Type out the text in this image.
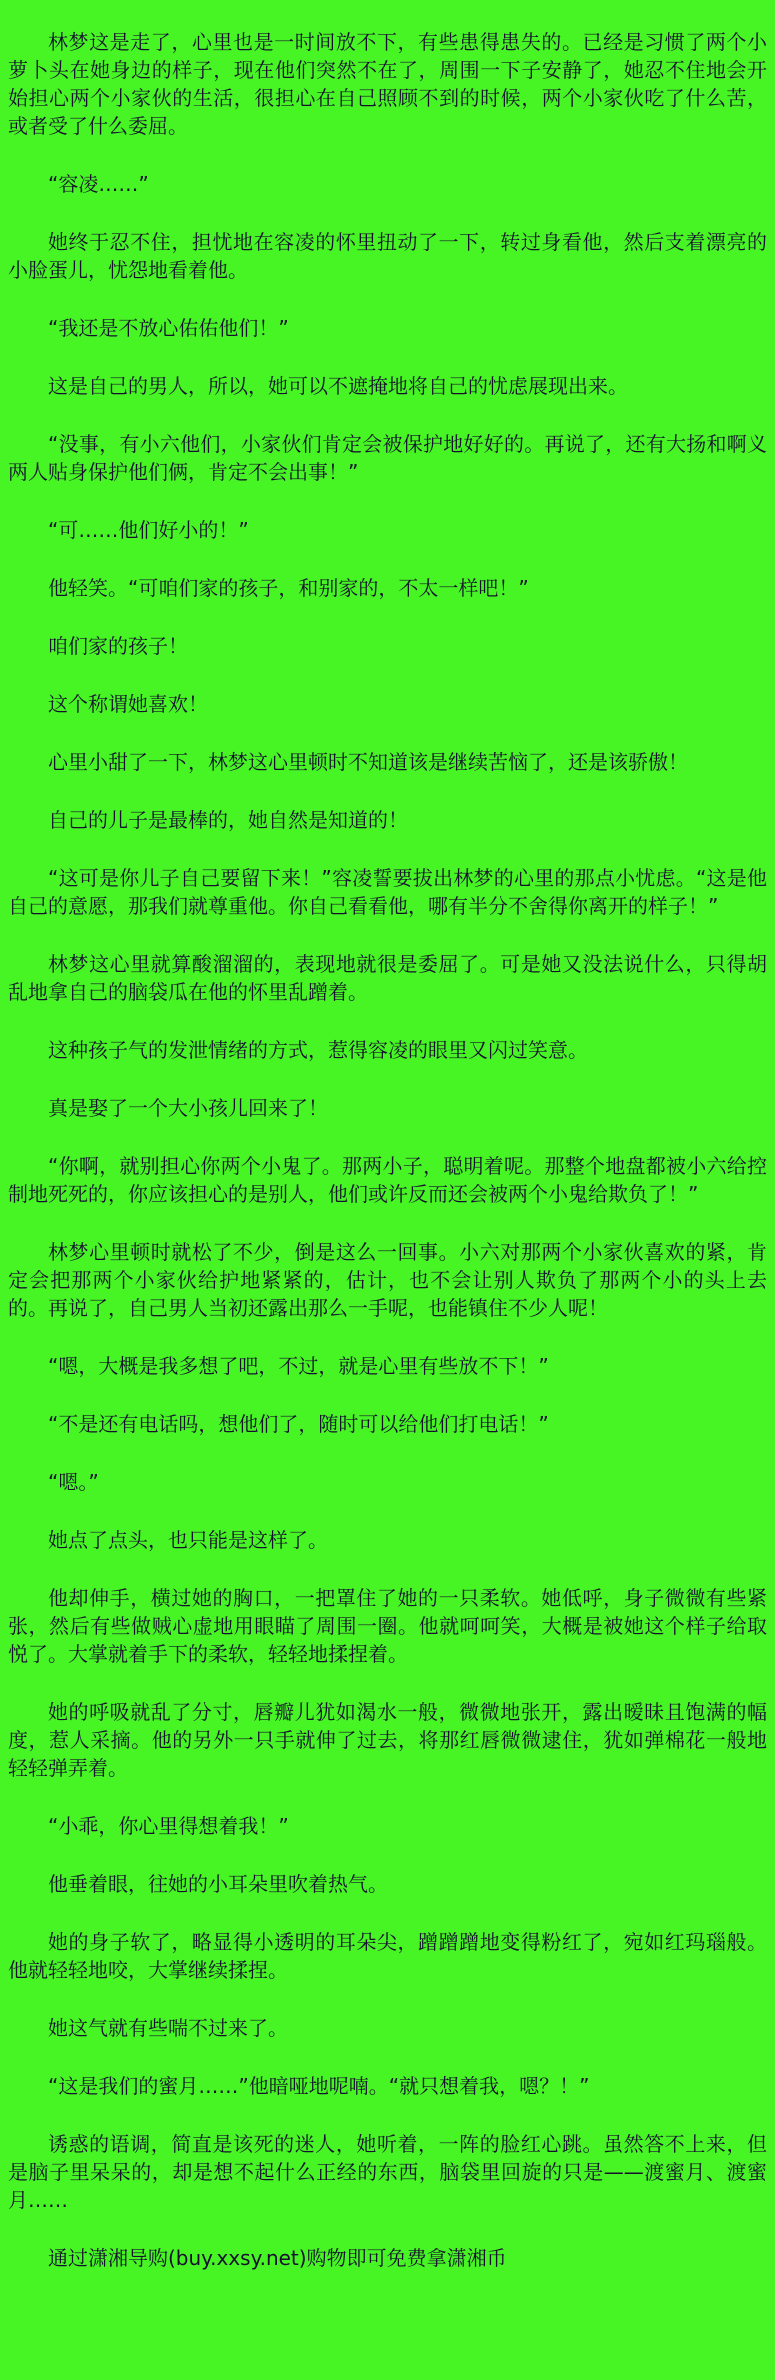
林梦这是走了，心里也是一时间放不下，有些患得患失的。已经是习惯了两个小萝卜头在她身边的样子，现在他们突然不在了，周围一下子安静了，她忍不住地会开始担心两个小家伙的生活，很担心在自己照顾不到的时候，两个小家伙吃了什么苦，或者受了什么委屈。

“容凌……”

她终于忍不住，担忧地在容凌的怀里扭动了一下，转过身看他，然后支着漂亮的小脸蛋儿，忧怨地看着他。

“我还是不放心佑佑他们！”

这是自己的男人，所以，她可以不遮掩地将自己的忧虑展现出来。

“没事，有小六他们，小家伙们肯定会被保护地好好的。再说了，还有大扬和啊义两人贴身保护他们俩，肯定不会出事！”

“可……他们好小的！”

他轻笑。“可咱们家的孩子，和别家的，不太一样吧！”

咱们家的孩子！

这个称谓她喜欢！

心里小甜了一下，林梦这心里顿时不知道该是继续苦恼了，还是该骄傲！

自己的儿子是最棒的，她自然是知道的！

“这可是你儿子自己要留下来！”容凌誓要拔出林梦的心里的那点小忧虑。“这是他自己的意愿，那我们就尊重他。你自己看看他，哪有半分不舍得你离开的样子！”

林梦这心里就算酸溜溜的，表现地就很是委屈了。可是她又没法说什么，只得胡乱地拿自己的脑袋瓜在他的怀里乱蹭着。

这种孩子气的发泄情绪的方式，惹得容凌的眼里又闪过笑意。

真是娶了一个大小孩儿回来了！

“你啊，就别担心你两个小鬼了。那两小子，聪明着呢。那整个地盘都被小六给控制地死死的，你应该担心的是别人，他们或许反而还会被两个小鬼给欺负了！”

林梦心里顿时就松了不少，倒是这么一回事。小六对那两个小家伙喜欢的紧，肯定会把那两个小家伙给护地紧紧的，估计，也不会让别人欺负了那两个小的头上去的。再说了，自己男人当初还露出那么一手呢，也能镇住不少人呢！

“嗯，大概是我多想了吧，不过，就是心里有些放不下！”

“不是还有电话吗，想他们了，随时可以给他们打电话！”

“嗯。”

她点了点头，也只能是这样了。

他却伸手，横过她的胸口，一把罩住了她的一只柔软。她低呼，身子微微有些紧张，然后有些做贼心虚地用眼瞄了周围一圈。他就呵呵笑，大概是被她这个样子给取悦了。大掌就着手下的柔软，轻轻地揉捏着。

她的呼吸就乱了分寸，唇瓣儿犹如渴水一般，微微地张开，露出暧昧且饱满的幅度，惹人采摘。他的另外一只手就伸了过去，将那红唇微微逮住，犹如弹棉花一般地轻轻弹弄着。

“小乖，你心里得想着我！”

他垂着眼，往她的小耳朵里吹着热气。

她的身子软了，略显得小透明的耳朵尖，蹭蹭蹭地变得粉红了，宛如红玛瑙般。他就轻轻地咬，大掌继续揉捏。

她这气就有些喘不过来了。

“这是我们的蜜月……”他暗哑地呢喃。“就只想着我，嗯？！”

诱惑的语调，简直是该死的迷人，她听着，一阵的脸红心跳。虽然答不上来，但是脑子里呆呆的，却是想不起什么正经的东西，脑袋里回旋的只是——渡蜜月、渡蜜月……

通过潇湘导购(buy.xxsy.net)购物即可免费拿潇湘币
